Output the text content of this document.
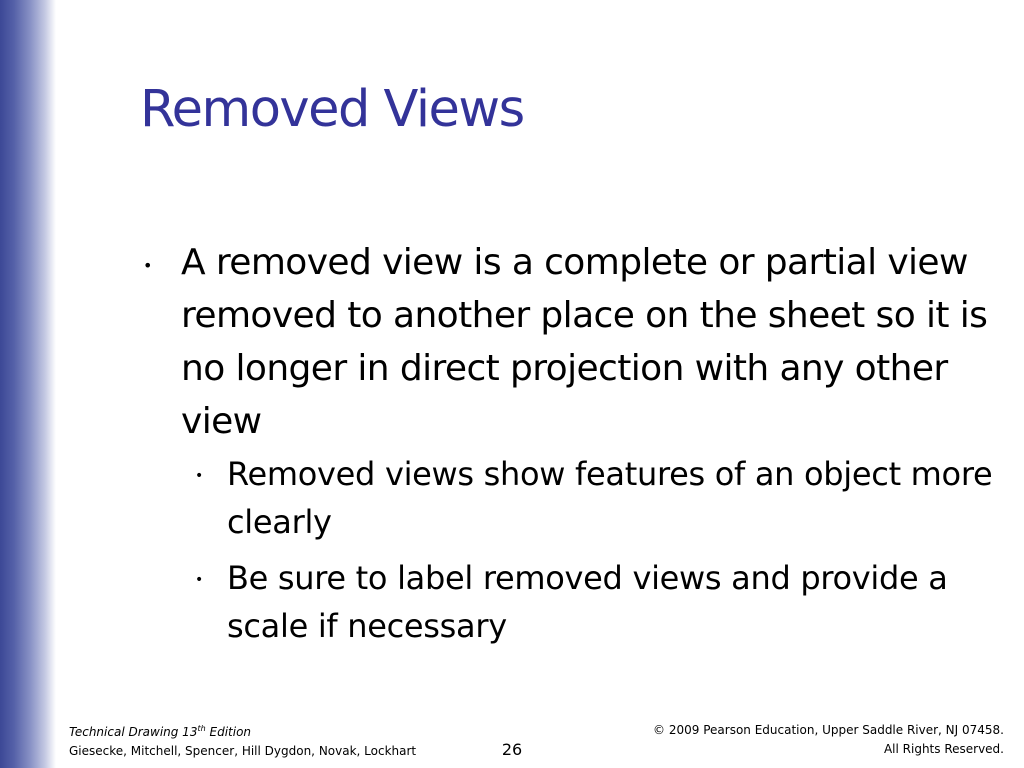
Removed Views
• A removed view is a complete or partial view removed to another place on the sheet so it is no longer in direct projection with any other view
• Removed views show features of an object more clearly
• Be sure to label removed views and provide a scale if necessary
Technical Drawing 13th Edition
Giesecke, Mitchell, Spencer, Hill Dygdon, Novak, Lockhart	26
© 2009 Pearson Education, Upper Saddle River, NJ 07458.
All Rights Reserved.
